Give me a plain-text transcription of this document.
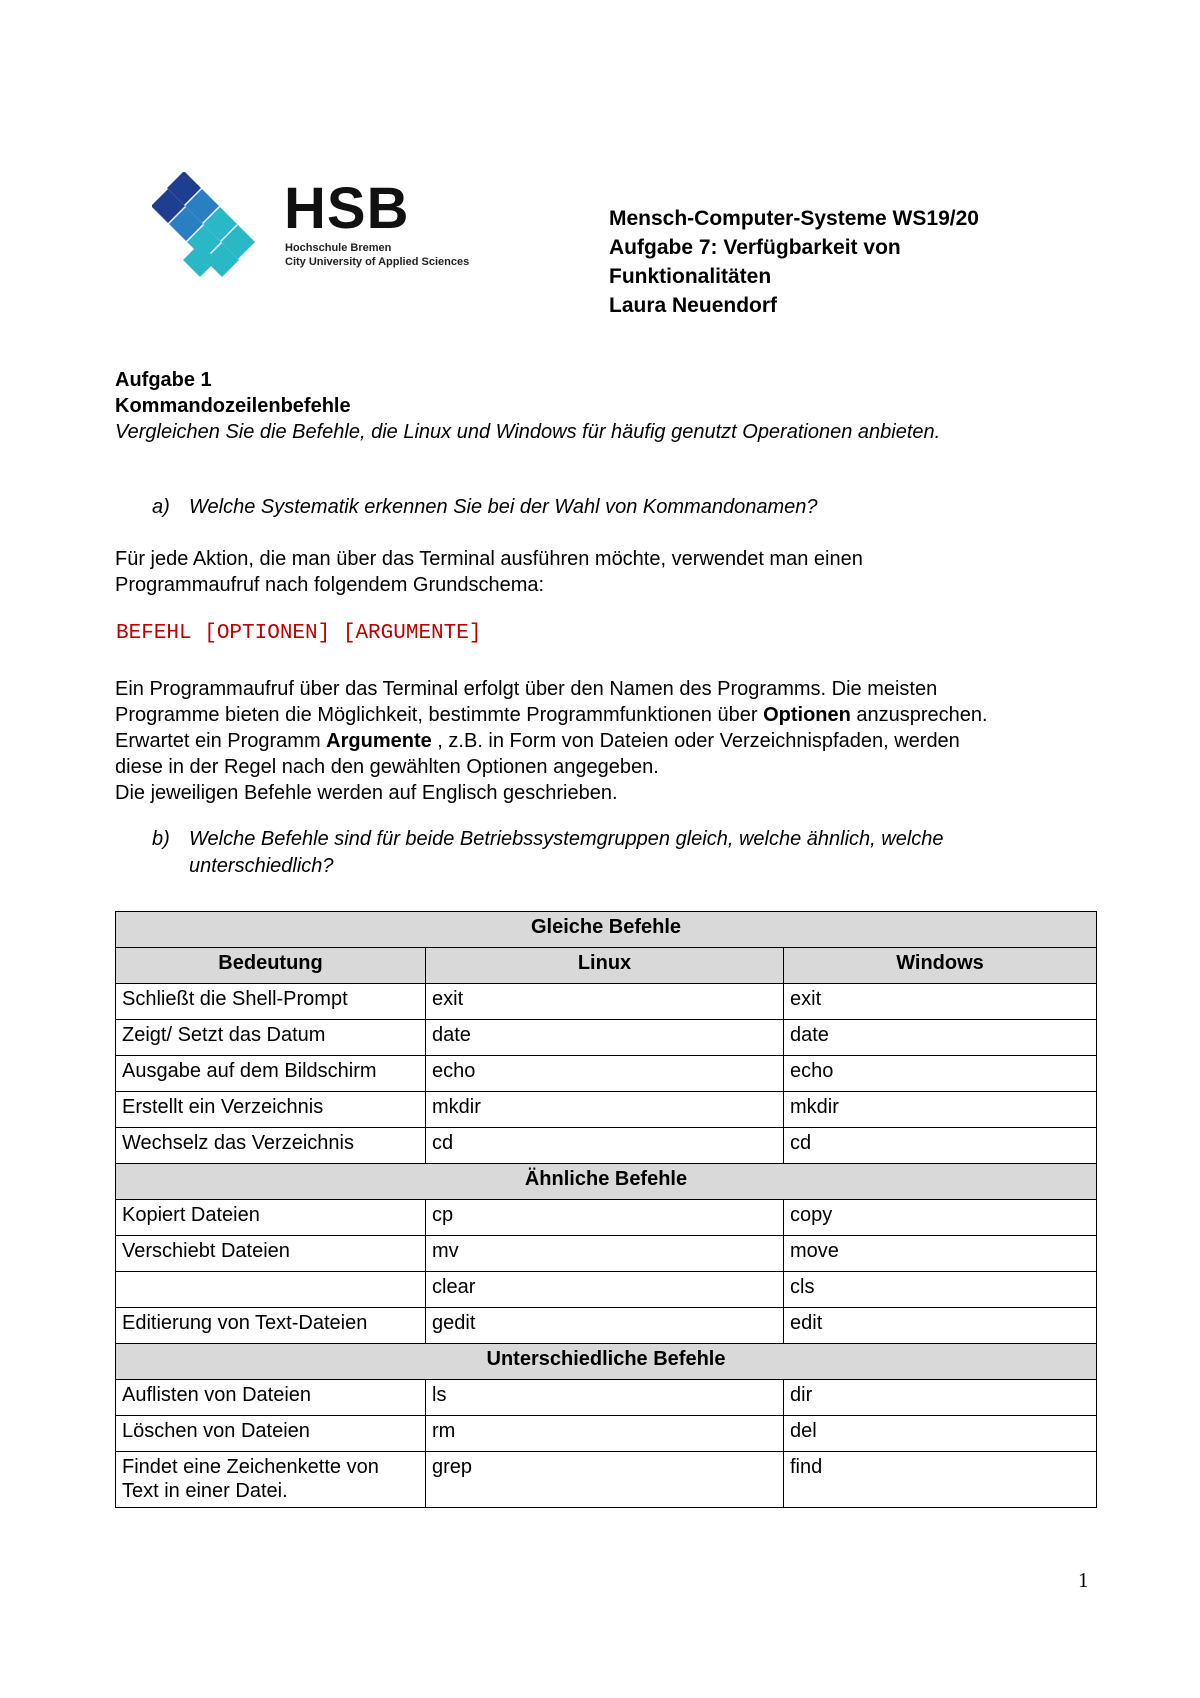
HSB
Hochschule Bremen
City University of Applied Sciences
Mensch-Computer-Systeme WS19/20
Aufgabe 7: Verfügbarkeit von
Funktionalitäten
Laura Neuendorf
Aufgabe 1
Kommandozeilenbefehle
Vergleichen Sie die Befehle, die Linux und Windows für häufig genutzt Operationen anbieten.
a) Welche Systematik erkennen Sie bei der Wahl von Kommandonamen?
Für jede Aktion, die man über das Terminal ausführen möchte, verwendet man einen
Programmaufruf nach folgendem Grundschema:
BEFEHL [OPTIONEN] [ARGUMENTE]
Ein Programmaufruf über das Terminal erfolgt über den Namen des Programms. Die meisten
Programme bieten die Möglichkeit, bestimmte Programmfunktionen über Optionen anzusprechen.
Erwartet ein Programm Argumente , z.B. in Form von Dateien oder Verzeichnispfaden, werden
diese in der Regel nach den gewählten Optionen angegeben.
Die jeweiligen Befehle werden auf Englisch geschrieben.
b) Welche Befehle sind für beide Betriebssystemgruppen gleich, welche ähnlich, welche
unterschiedlich?
Gleiche Befehle		
Bedeutung	Linux	Windows
Schließt die Shell-Prompt	exit	exit
Zeigt/ Setzt das Datum	date	date
Ausgabe auf dem Bildschirm	echo	echo
Erstellt ein Verzeichnis	mkdir	mkdir
Wechselz das Verzeichnis	cd	cd
Ähnliche Befehle		
Kopiert Dateien	cp	copy
Verschiebt Dateien	mv	move
	clear	cls
Editierung von Text-Dateien	gedit	edit
Unterschiedliche Befehle		
Auflisten von Dateien	ls	dir
Löschen von Dateien	rm	del
Findet eine Zeichenkette von Text in einer Datei.	grep	find
1
